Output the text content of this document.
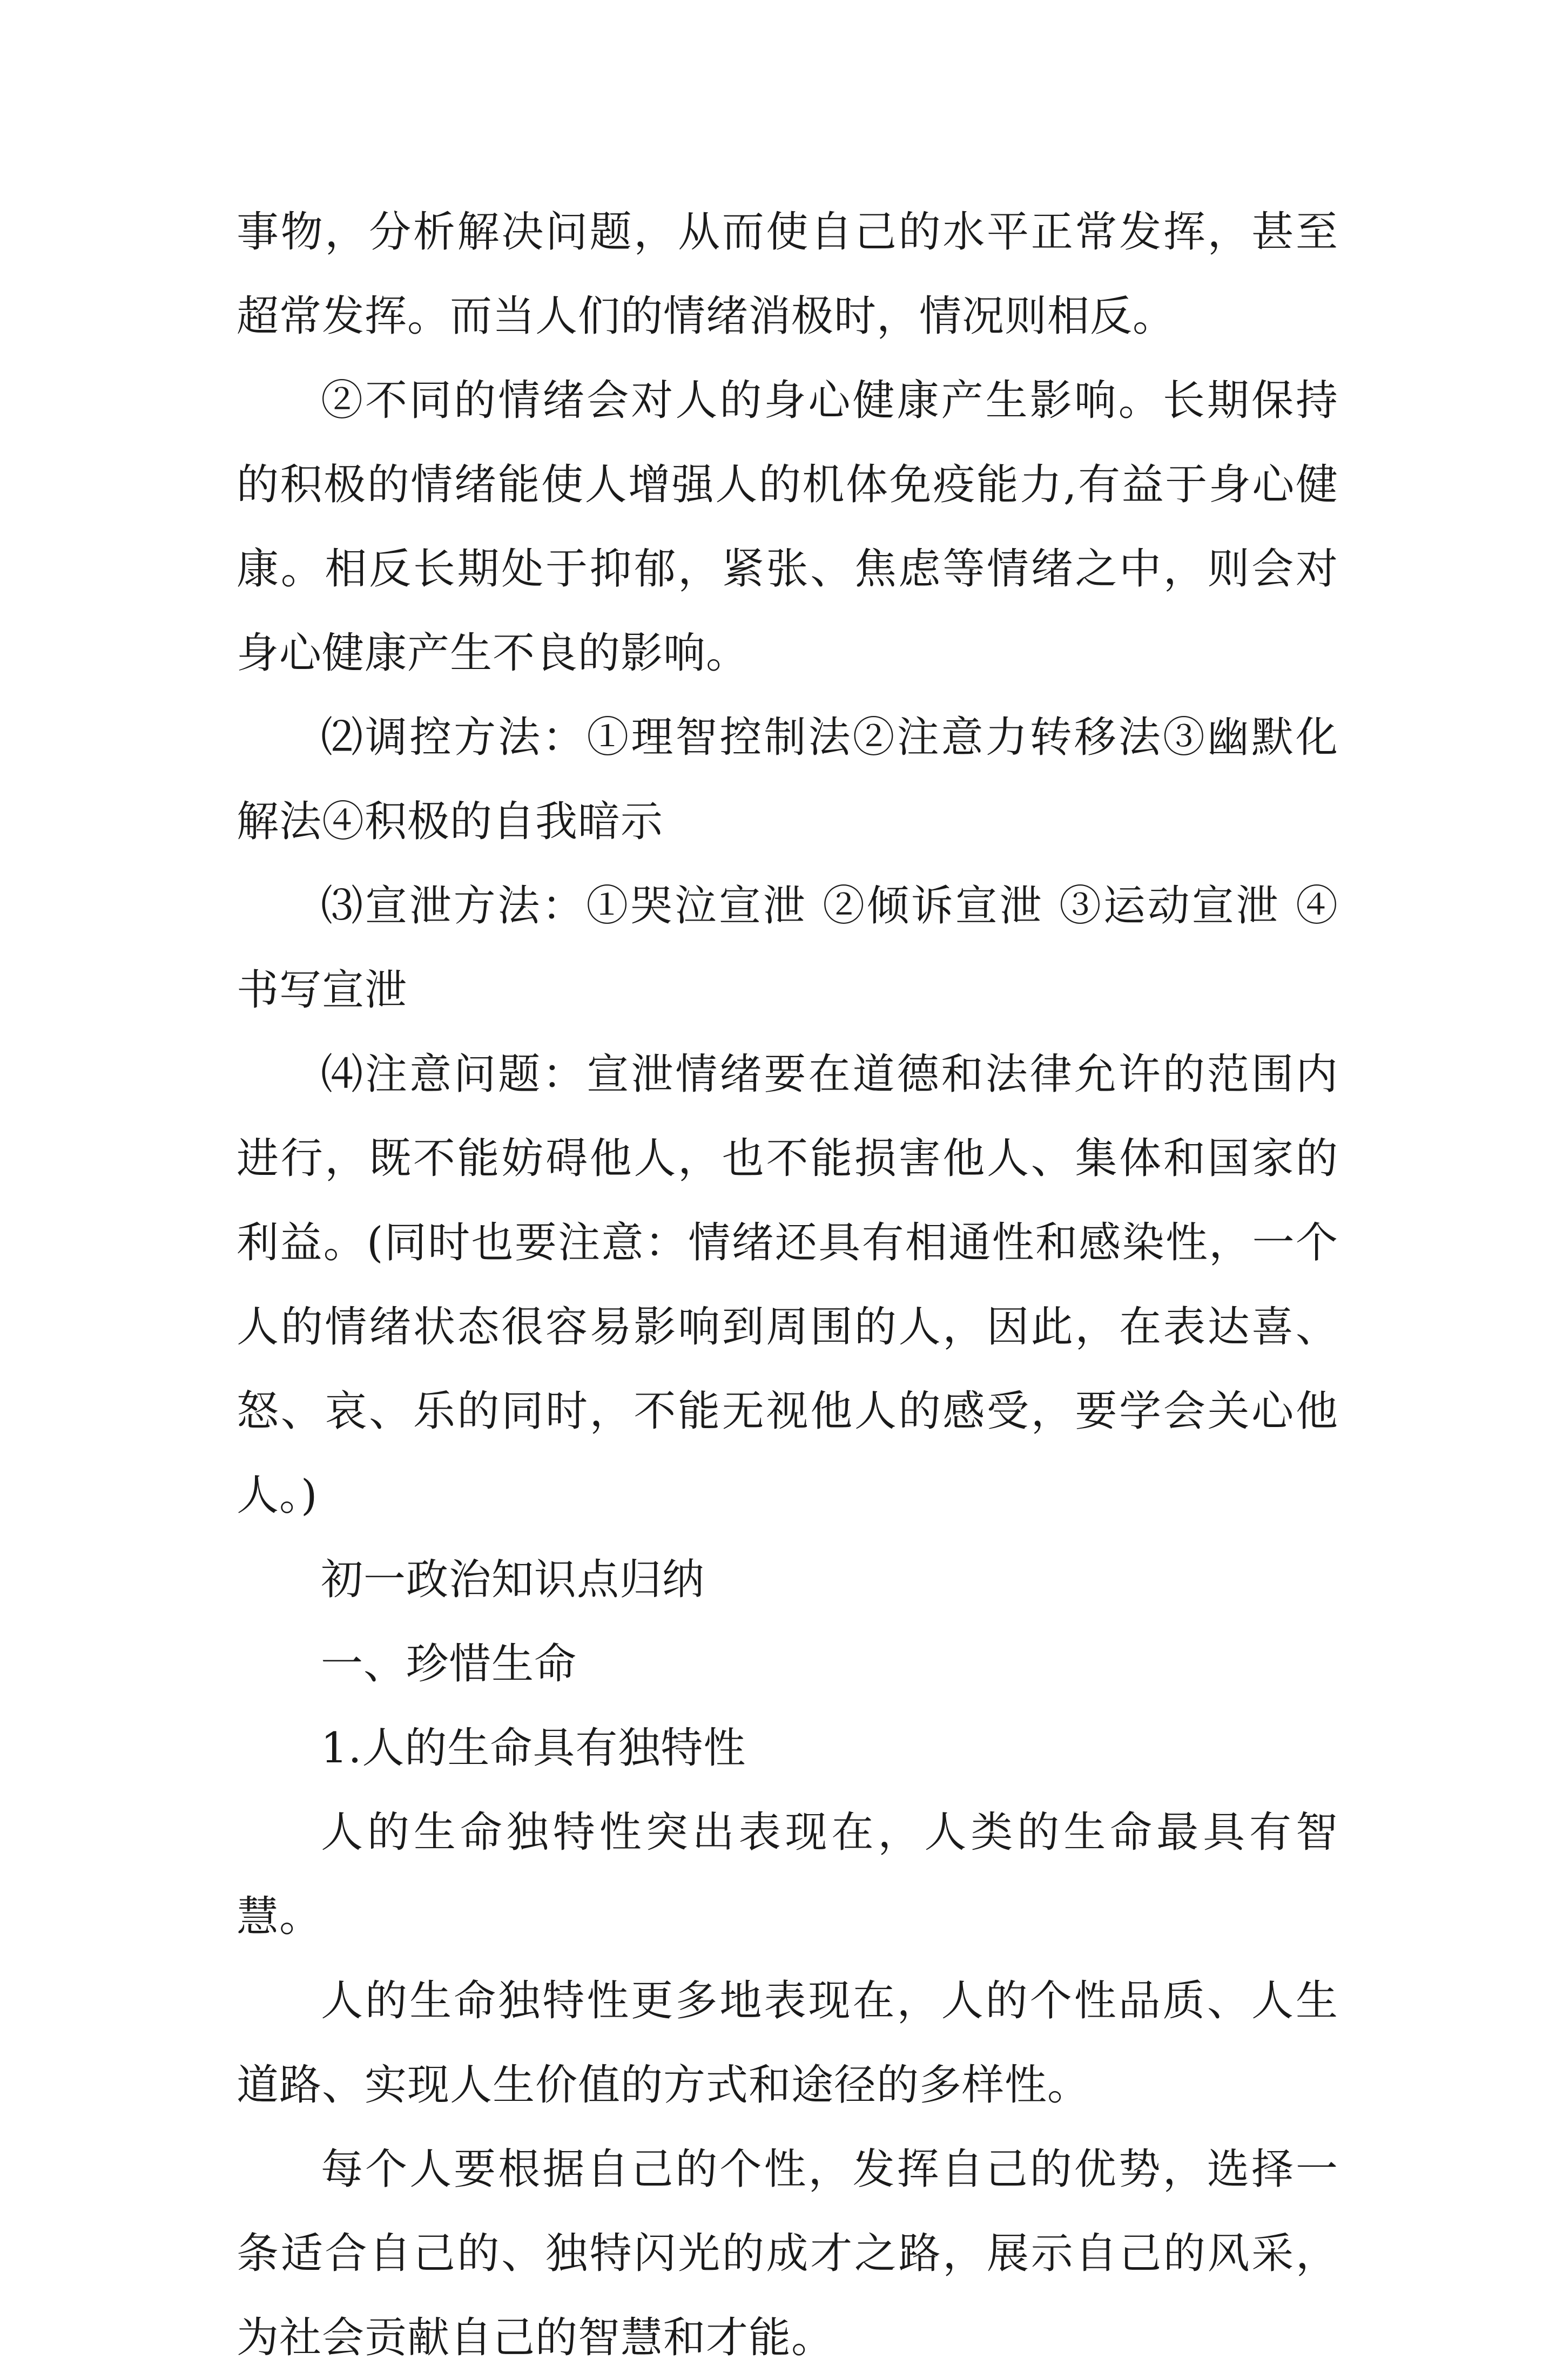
事物，分析解决问题，从而使自己的水平正常发挥，甚至超常发挥。而当人们的情绪消极时，情况则相反。

②不同的情绪会对人的身心健康产生影响。长期保持的积极的情绪能使人增强人的机体免疫能力,有益于身心健康。相反长期处于抑郁，紧张、焦虑等情绪之中，则会对身心健康产生不良的影响。

⑵调控方法：①理智控制法②注意力转移法③幽默化解法④积极的自我暗示

⑶宣泄方法：①哭泣宣泄 ②倾诉宣泄 ③运动宣泄 ④书写宣泄

⑷注意问题：宣泄情绪要在道德和法律允许的范围内进行，既不能妨碍他人，也不能损害他人、集体和国家的利益。(同时也要注意：情绪还具有相通性和感染性，一个人的情绪状态很容易影响到周围的人，因此，在表达喜、怒、哀、乐的同时，不能无视他人的感受，要学会关心他人。)

初一政治知识点归纳

一、珍惜生命

1.人的生命具有独特性

人的生命独特性突出表现在，人类的生命最具有智慧。

人的生命独特性更多地表现在，人的个性品质、人生道路、实现人生价值的方式和途径的多样性。

每个人要根据自己的个性，发挥自己的优势，选择一条适合自己的、独特闪光的成才之路，展示自己的风采，为社会贡献自己的智慧和才能。
